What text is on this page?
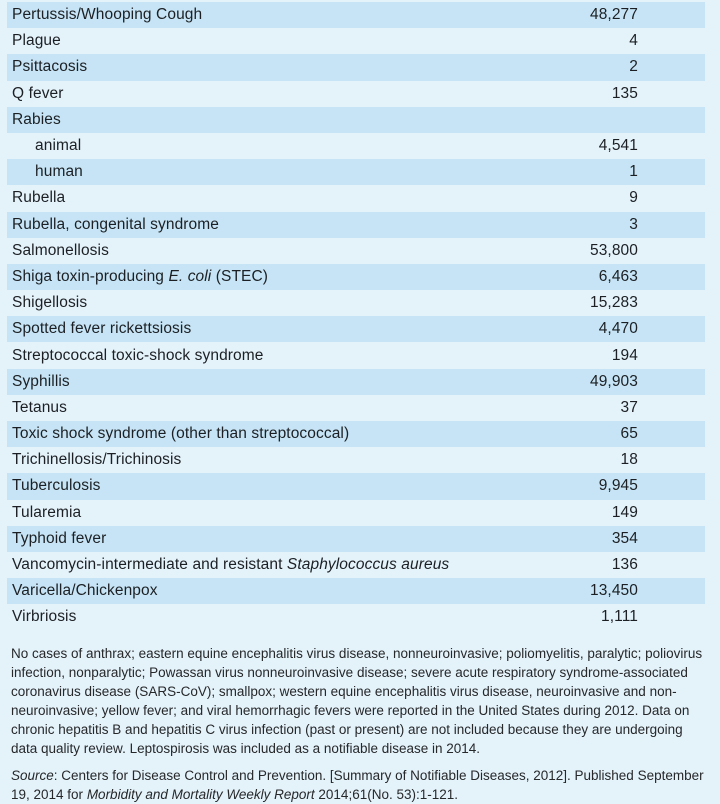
Pertussis/Whooping Cough	48,277
Plague	4
Psittacosis	2
Q fever	135
Rabies
animal	4,541
human	1
Rubella	9
Rubella, congenital syndrome	3
Salmonellosis	53,800
Shiga toxin-producing E. coli (STEC)	6,463
Shigellosis	15,283
Spotted fever rickettsiosis	4,470
Streptococcal toxic-shock syndrome	194
Syphillis	49,903
Tetanus	37
Toxic shock syndrome (other than streptococcal)	65
Trichinellosis/Trichinosis	18
Tuberculosis	9,945
Tularemia	149
Typhoid fever	354
Vancomycin-intermediate and resistant Staphylococcus aureus	136
Varicella/Chickenpox	13,450
Virbriosis	1,111

No cases of anthrax; eastern equine encephalitis virus disease, nonneuroinvasive; poliomyelitis, paralytic; poliovirus infection, nonparalytic; Powassan virus nonneuroinvasive disease; severe acute respiratory syndrome-associated coronavirus disease (SARS-CoV); smallpox; western equine encephalitis virus disease, neuroinvasive and non-neuroinvasive; yellow fever; and viral hemorrhagic fevers were reported in the United States during 2012. Data on chronic hepatitis B and hepatitis C virus infection (past or present) are not included because they are undergoing data quality review. Leptospirosis was included as a notifiable disease in 2014.

Source: Centers for Disease Control and Prevention. [Summary of Notifiable Diseases, 2012]. Published September 19, 2014 for Morbidity and Mortality Weekly Report 2014;61(No. 53):1-121.
